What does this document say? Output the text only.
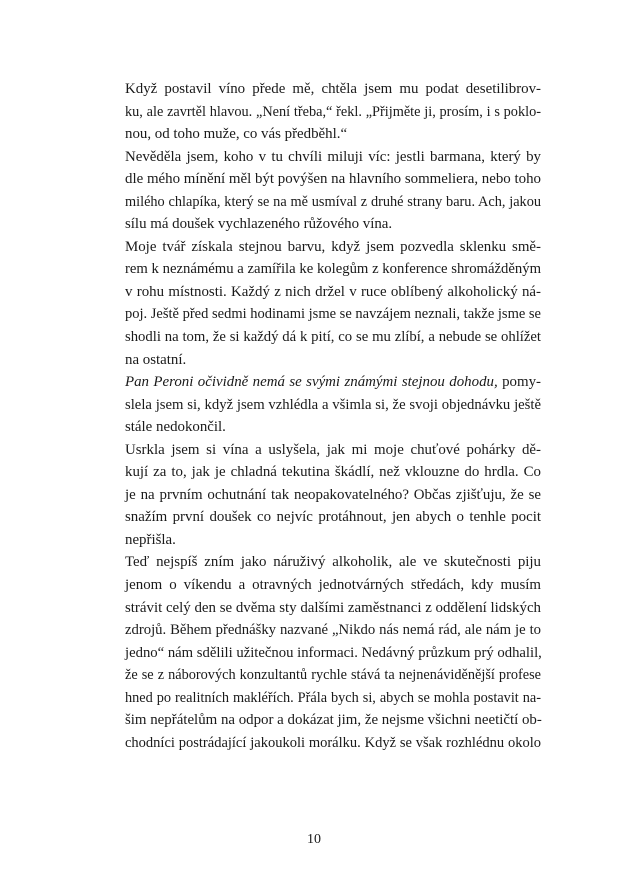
Když postavil víno přede mě, chtěla jsem mu podat desetilibrov-
ku, ale zavrtěl hlavou. „Není třeba,“ řekl. „Přijměte ji, prosím, i s poklo-
nou, od toho muže, co vás předběhl.“

Nevěděla jsem, koho v tu chvíli miluji víc: jestli barmana, který by
dle mého mínění měl být povýšen na hlavního sommeliera, nebo toho
milého chlapíka, který se na mě usmíval z druhé strany baru. Ach, jakou
sílu má doušek vychlazeného růžového vína.

Moje tvář získala stejnou barvu, když jsem pozvedla sklenku smě-
rem k neznámému a zamířila ke kolegům z konference shromážděným
v rohu místnosti. Každý z nich držel v ruce oblíbený alkoholický ná-
poj. Ještě před sedmi hodinami jsme se navzájem neznali, takže jsme se
shodli na tom, že si každý dá k pití, co se mu zlíbí, a nebude se ohlížet
na ostatní.

Pan Peroni očividně nemá se svými známými stejnou dohodu, pomy-
slela jsem si, když jsem vzhlédla a všimla si, že svoji objednávku ještě
stále nedokončil.

Usrkla jsem si vína a uslyšela, jak mi moje chuťové pohárky dě-
kují za to, jak je chladná tekutina škádlí, než vklouzne do hrdla. Co
je na prvním ochutnání tak neopakovatelného? Občas zjišťuju, že se
snažím první doušek co nejvíc protáhnout, jen abych o tenhle pocit
nepřišla.

Teď nejspíš zním jako náruživý alkoholik, ale ve skutečnosti piju
jenom o víkendu a otravných jednotvárných středách, kdy musím
strávit celý den se dvěma sty dalšími zaměstnanci z oddělení lidských
zdrojů. Během přednášky nazvané „Nikdo nás nemá rád, ale nám je to
jedno“ nám sdělili užitečnou informaci. Nedávný průzkum prý odhalil,
že se z náborových konzultantů rychle stává ta nejnenáviděnější profese
hned po realitních makléřích. Přála bych si, abych se mohla postavit na-
šim nepřátelům na odpor a dokázat jim, že nejsme všichni neetičtí ob-
chodníci postrádající jakoukoli morálku. Když se však rozhlédnu okolo

10
